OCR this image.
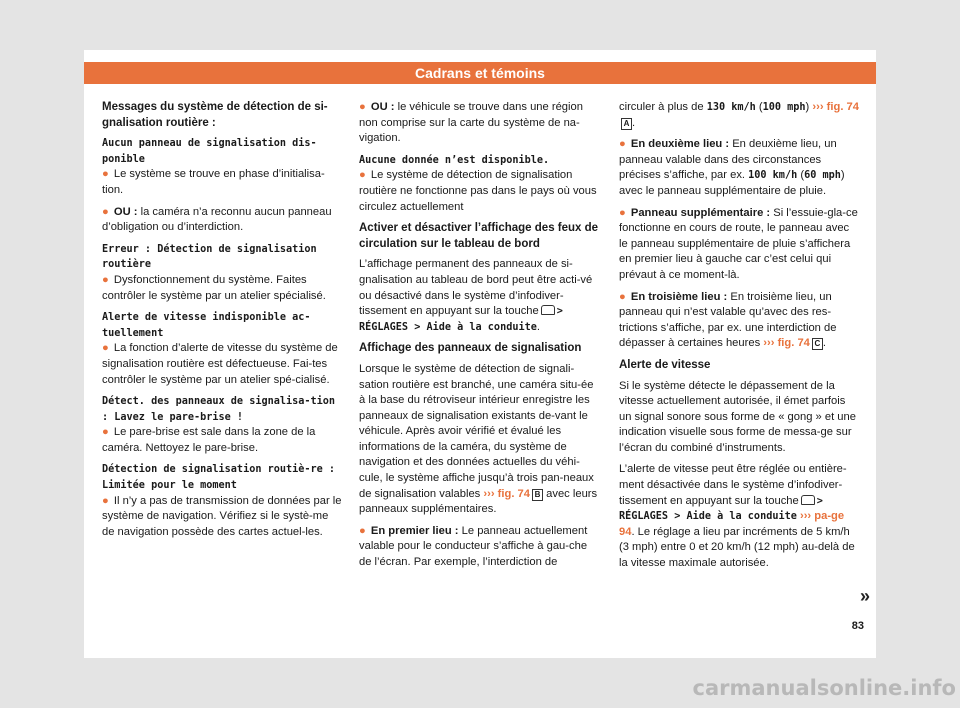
Cadrans et témoins

Messages du système de détection de si-gnalisation routière :

Aucun panneau de signalisation dis-ponible

● Le système se trouve en phase d’initialisa-tion.

● OU : la caméra n’a reconnu aucun panneau d’obligation ou d’interdiction.

Erreur : Détection de signalisation routière

● Dysfonctionnement du système. Faites contrôler le système par un atelier spécialisé.

Alerte de vitesse indisponible ac-tuellement

● La fonction d’alerte de vitesse du système de signalisation routière est défectueuse. Fai-tes contrôler le système par un atelier spé-cialisé.

Détect. des panneaux de signalisa-tion : Lavez le pare-brise !

● Le pare-brise est sale dans la zone de la caméra. Nettoyez le pare-brise.

Détection de signalisation routiè-re : Limitée pour le moment

● Il n’y a pas de transmission de données par le système de navigation. Vérifiez si le systè-me de navigation possède des cartes actuel-les.

● OU : le véhicule se trouve dans une région non comprise sur la carte du système de na-vigation.

Aucune donnée n’est disponible.

● Le système de détection de signalisation routière ne fonctionne pas dans le pays où vous circulez actuellement

Activer et désactiver l’affichage des feux de circulation sur le tableau de bord

L’affichage permanent des panneaux de si-gnalisation au tableau de bord peut être acti-vé ou désactivé dans le système d’infodiver-tissement en appuyant sur la touche > RÉGLAGES > Aide à la conduite.

Affichage des panneaux de signalisation

Lorsque le système de détection de signali-sation routière est branché, une caméra situ-ée à la base du rétroviseur intérieur enregistre les panneaux de signalisation existants de-vant le véhicule. Après avoir vérifié et évalué les informations de la caméra, du système de navigation et des données actuelles du véhi-cule, le système affiche jusqu’à trois pan-neaux de signalisation valables ››› fig. 74 B avec leurs panneaux supplémentaires.

● En premier lieu : Le panneau actuellement valable pour le conducteur s’affiche à gau-che de l’écran. Par exemple, l’interdiction de

circuler à plus de 130 km/h (100 mph) ››› fig. 74A .

● En deuxième lieu : En deuxième lieu, un panneau valable dans des circonstances précises s’affiche, par ex. 100 km/h (60 mph) avec le panneau supplémentaire de pluie.

● Panneau supplémentaire : Si l’essuie-gla-ce fonctionne en cours de route, le panneau avec le panneau supplémentaire de pluie s’affichera en premier lieu à gauche car c’est celui qui prévaut à ce moment-là.

● En troisième lieu : En troisième lieu, un panneau qui n’est valable qu’avec des res-trictions s’affiche, par ex. une interdiction de dépasser à certaines heures ››› fig. 74 C .

Alerte de vitesse

Si le système détecte le dépassement de la vitesse actuellement autorisée, il émet parfois un signal sonore sous forme de « gong » et une indication visuelle sous forme de messa-ge sur l’écran du combiné d’instruments.

L’alerte de vitesse peut être réglée ou entière-ment désactivée dans le système d’infodiver-tissement en appuyant sur la touche > RÉGLAGES > Aide à la conduite ››› pa-ge 94. Le réglage a lieu par incréments de 5 km/h (3 mph) entre 0 et 20 km/h (12 mph) au-delà de la vitesse maximale autorisée.

»
83
carmanualsonline.info
